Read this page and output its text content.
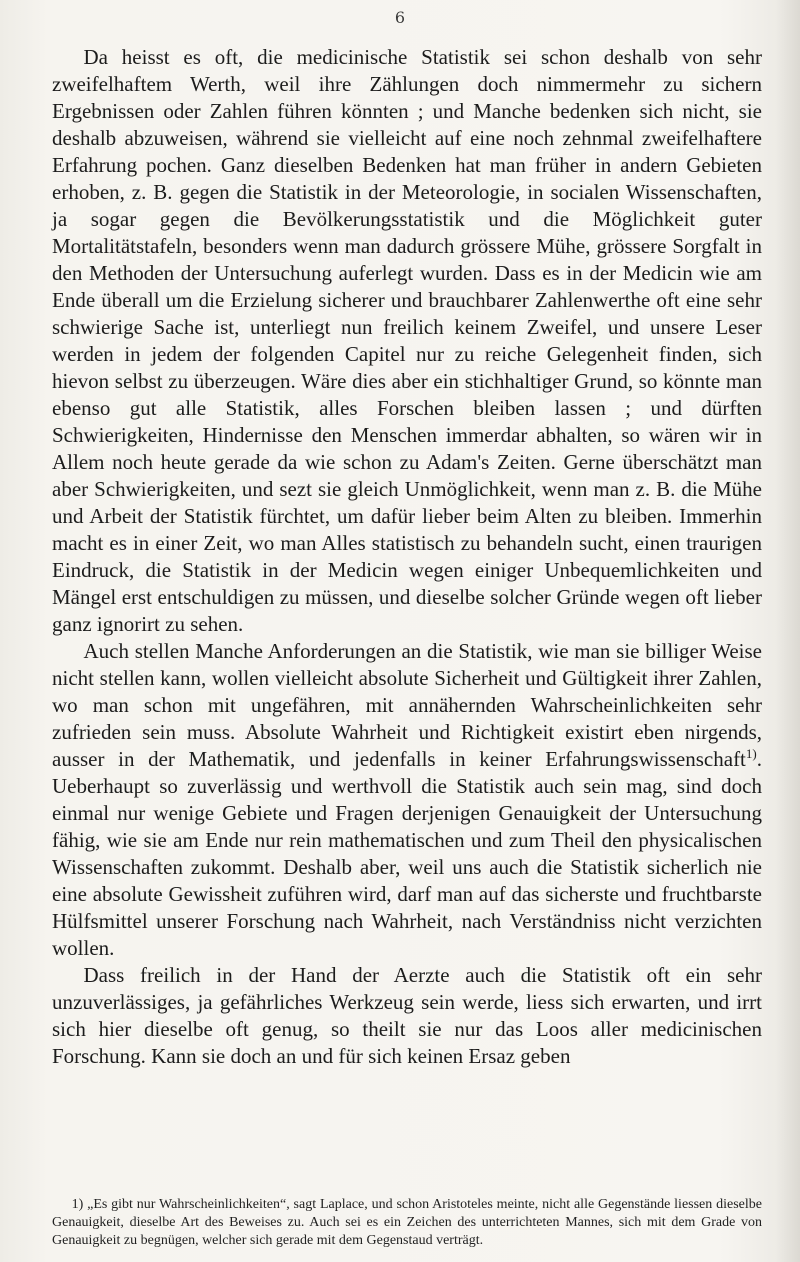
6

Da heisst es oft, die medicinische Statistik sei schon deshalb von sehr zweifelhaftem Werth, weil ihre Zählungen doch nimmermehr zu sichern Ergebnissen oder Zahlen führen könnten ; und Manche bedenken sich nicht, sie deshalb abzuweisen, während sie vielleicht auf eine noch zehnmal zweifelhaftere Erfahrung pochen. Ganz dieselben Bedenken hat man früher in andern Gebieten erhoben, z. B. gegen die Statistik in der Meteorologie, in socialen Wissenschaften, ja sogar gegen die Bevölkerungsstatistik und die Möglichkeit guter Mortalitätstafeln, besonders wenn man dadurch grössere Mühe, grössere Sorgfalt in den Methoden der Untersuchung auferlegt wurden. Dass es in der Medicin wie am Ende überall um die Erzielung sicherer und brauchbarer Zahlenwerthe oft eine sehr schwierige Sache ist, unterliegt nun freilich keinem Zweifel, und unsere Leser werden in jedem der folgenden Capitel nur zu reiche Gelegenheit finden, sich hievon selbst zu überzeugen. Wäre dies aber ein stichhaltiger Grund, so könnte man ebenso gut alle Statistik, alles Forschen bleiben lassen ; und dürften Schwierigkeiten, Hindernisse den Menschen immerdar abhalten, so wären wir in Allem noch heute gerade da wie schon zu Adam's Zeiten. Gerne überschätzt man aber Schwierigkeiten, und sezt sie gleich Unmöglichkeit, wenn man z. B. die Mühe und Arbeit der Statistik fürchtet, um dafür lieber beim Alten zu bleiben. Immerhin macht es in einer Zeit, wo man Alles statistisch zu behandeln sucht, einen traurigen Eindruck, die Statistik in der Medicin wegen einiger Unbequemlichkeiten und Mängel erst entschuldigen zu müssen, und dieselbe solcher Gründe wegen oft lieber ganz ignorirt zu sehen.

Auch stellen Manche Anforderungen an die Statistik, wie man sie billiger Weise nicht stellen kann, wollen vielleicht absolute Sicherheit und Gültigkeit ihrer Zahlen, wo man schon mit ungefähren, mit annähernden Wahrscheinlichkeiten sehr zufrieden sein muss. Absolute Wahrheit und Richtigkeit existirt eben nirgends, ausser in der Mathematik, und jedenfalls in keiner Erfahrungswissenschaft$^{1)}$. Ueberhaupt so zuverlässig und werthvoll die Statistik auch sein mag, sind doch einmal nur wenige Gebiete und Fragen derjenigen Genauigkeit der Untersuchung fähig, wie sie am Ende nur rein mathematischen und zum Theil den physicalischen Wissenschaften zukommt. Deshalb aber, weil uns auch die Statistik sicherlich nie eine absolute Gewissheit zuführen wird, darf man auf das sicherste und fruchtbarste Hülfsmittel unserer Forschung nach Wahrheit, nach Verständniss nicht verzichten wollen.

Dass freilich in der Hand der Aerzte auch die Statistik oft ein sehr unzuverlässiges, ja gefährliches Werkzeug sein werde, liess sich erwarten, und irrt sich hier dieselbe oft genug, so theilt sie nur das Loos aller medicinischen Forschung. Kann sie doch an und für sich keinen Ersaz geben

1) „Es gibt nur Wahrscheinlichkeiten“, sagt Laplace, und schon Aristoteles meinte, nicht alle Gegenstände liessen dieselbe Genauigkeit, dieselbe Art des Beweises zu. Auch sei es ein Zeichen des unterrichteten Mannes, sich mit dem Grade von Genauigkeit zu begnügen, welcher sich gerade mit dem Gegenstaud verträgt.
